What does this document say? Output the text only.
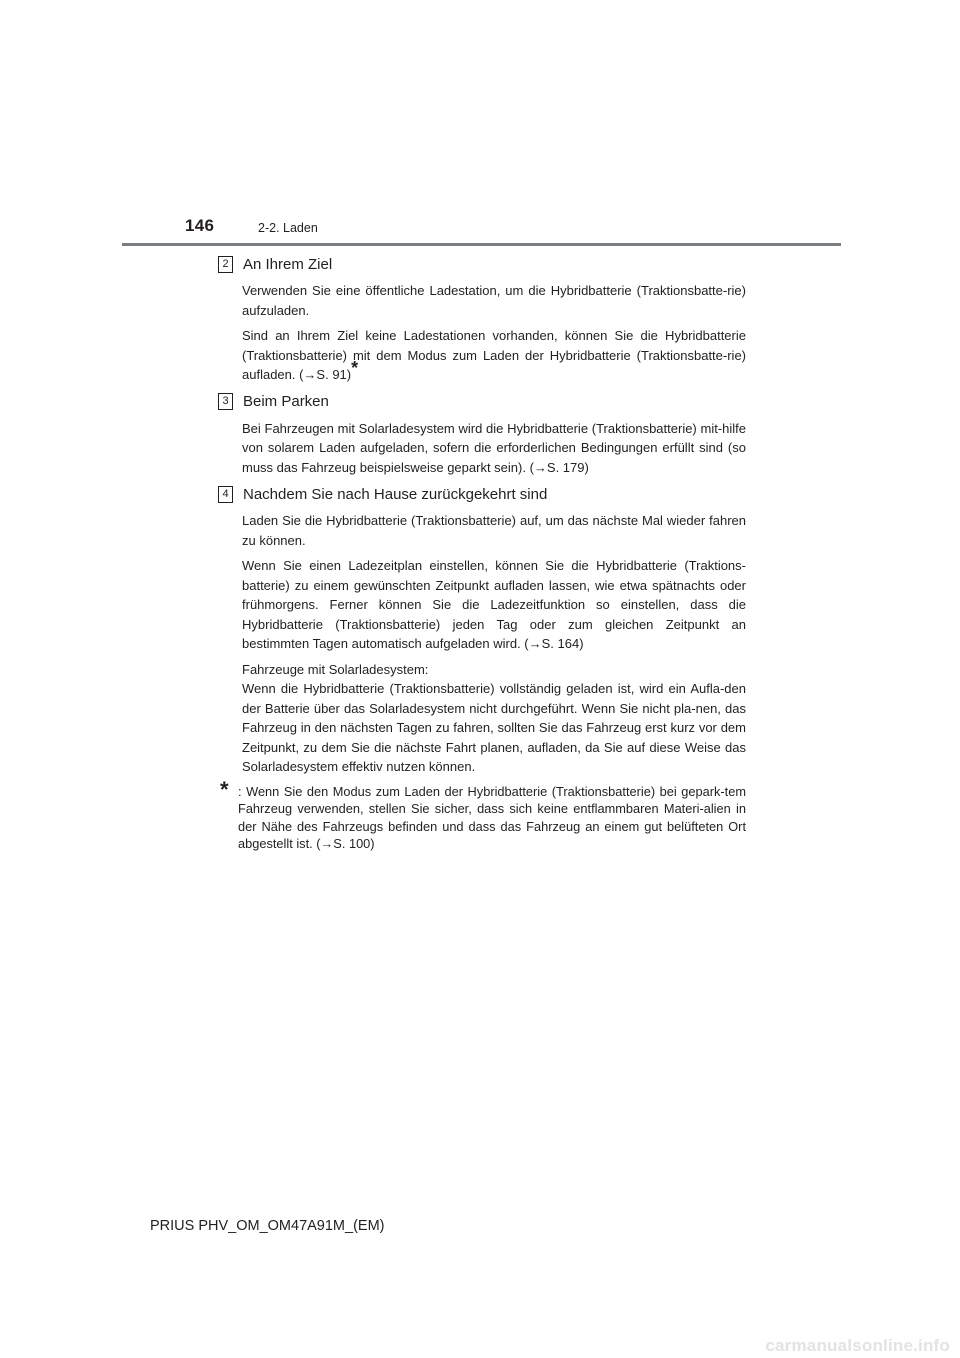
146	2-2. Laden
2 An Ihrem Ziel

Verwenden Sie eine öffentliche Ladestation, um die Hybridbatterie (Traktionsbatte-rie) aufzuladen.

Sind an Ihrem Ziel keine Ladestationen vorhanden, können Sie die Hybridbatterie (Traktionsbatterie) mit dem Modus zum Laden der Hybridbatterie (Traktionsbatte-rie) aufladen. (→S. 91)*

3 Beim Parken

Bei Fahrzeugen mit Solarladesystem wird die Hybridbatterie (Traktionsbatterie) mit-hilfe von solarem Laden aufgeladen, sofern die erforderlichen Bedingungen erfüllt sind (so muss das Fahrzeug beispielsweise geparkt sein). (→S. 179)

4 Nachdem Sie nach Hause zurückgekehrt sind

Laden Sie die Hybridbatterie (Traktionsbatterie) auf, um das nächste Mal wieder fahren zu können.

Wenn Sie einen Ladezeitplan einstellen, können Sie die Hybridbatterie (Traktions-batterie) zu einem gewünschten Zeitpunkt aufladen lassen, wie etwa spätnachts oder frühmorgens. Ferner können Sie die Ladezeitfunktion so einstellen, dass die Hybridbatterie (Traktionsbatterie) jeden Tag oder zum gleichen Zeitpunkt an bestimmten Tagen automatisch aufgeladen wird. (→S. 164)

Fahrzeuge mit Solarladesystem:
Wenn die Hybridbatterie (Traktionsbatterie) vollständig geladen ist, wird ein Aufla-den der Batterie über das Solarladesystem nicht durchgeführt. Wenn Sie nicht pla-nen, das Fahrzeug in den nächsten Tagen zu fahren, sollten Sie das Fahrzeug erst kurz vor dem Zeitpunkt, zu dem Sie die nächste Fahrt planen, aufladen, da Sie auf diese Weise das Solarladesystem effektiv nutzen können.

* : Wenn Sie den Modus zum Laden der Hybridbatterie (Traktionsbatterie) bei gepark-tem Fahrzeug verwenden, stellen Sie sicher, dass sich keine entflammbaren Materi-alien in der Nähe des Fahrzeugs befinden und dass das Fahrzeug an einem gut belüfteten Ort abgestellt ist. (→S. 100)
PRIUS PHV_OM_OM47A91M_(EM)
carmanualsonline.info
